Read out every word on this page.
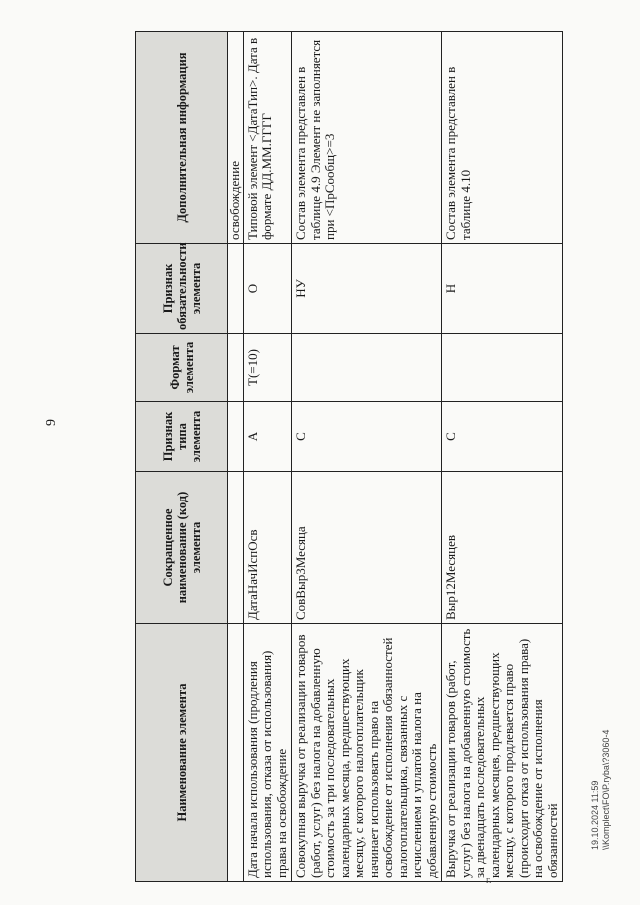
9
г.
19.10.2024 11:59 \\Komplect\FO\P.ryba\?3060-4
Наименование элемента	Сокращенное наименование (код) элемента	Признак типа элемента	Формат элемента	Признак обязательности элемента	Дополнительная информация
					освобождение
Дата начала использования (продления использования, отказа от использования) права на освобождение	ДатаНачИспОсв	А	T(=10)	О	Типовой элемент <ДатаТип>. Дата в формате ДД.ММ.ГГГГ
Совокупная выручка от реализации товаров (работ, услуг) без налога на добавленную стоимость за три последовательных календарных месяца, предшествующих месяцу, с которого налогоплательщик начинает использовать право на освобождение от исполнения обязанностей налогоплательщика, связанных с исчислением и уплатой налога на добавленную стоимость	СовВыр3Месяца	С		НУ	Состав элемента представлен в таблице 4.9 Элемент не заполняется при <ПрСообщ>=3
Выручка от реализации товаров (работ, услуг) без налога на добавленную стоимость за двенадцать последовательных календарных месяцев, предшествующих месяцу, с которого продлевается право (происходит отказ от использования права) на освобождение от исполнения обязанностей	Выр12Месяцев	С		Н	Состав элемента представлен в таблице 4.10
